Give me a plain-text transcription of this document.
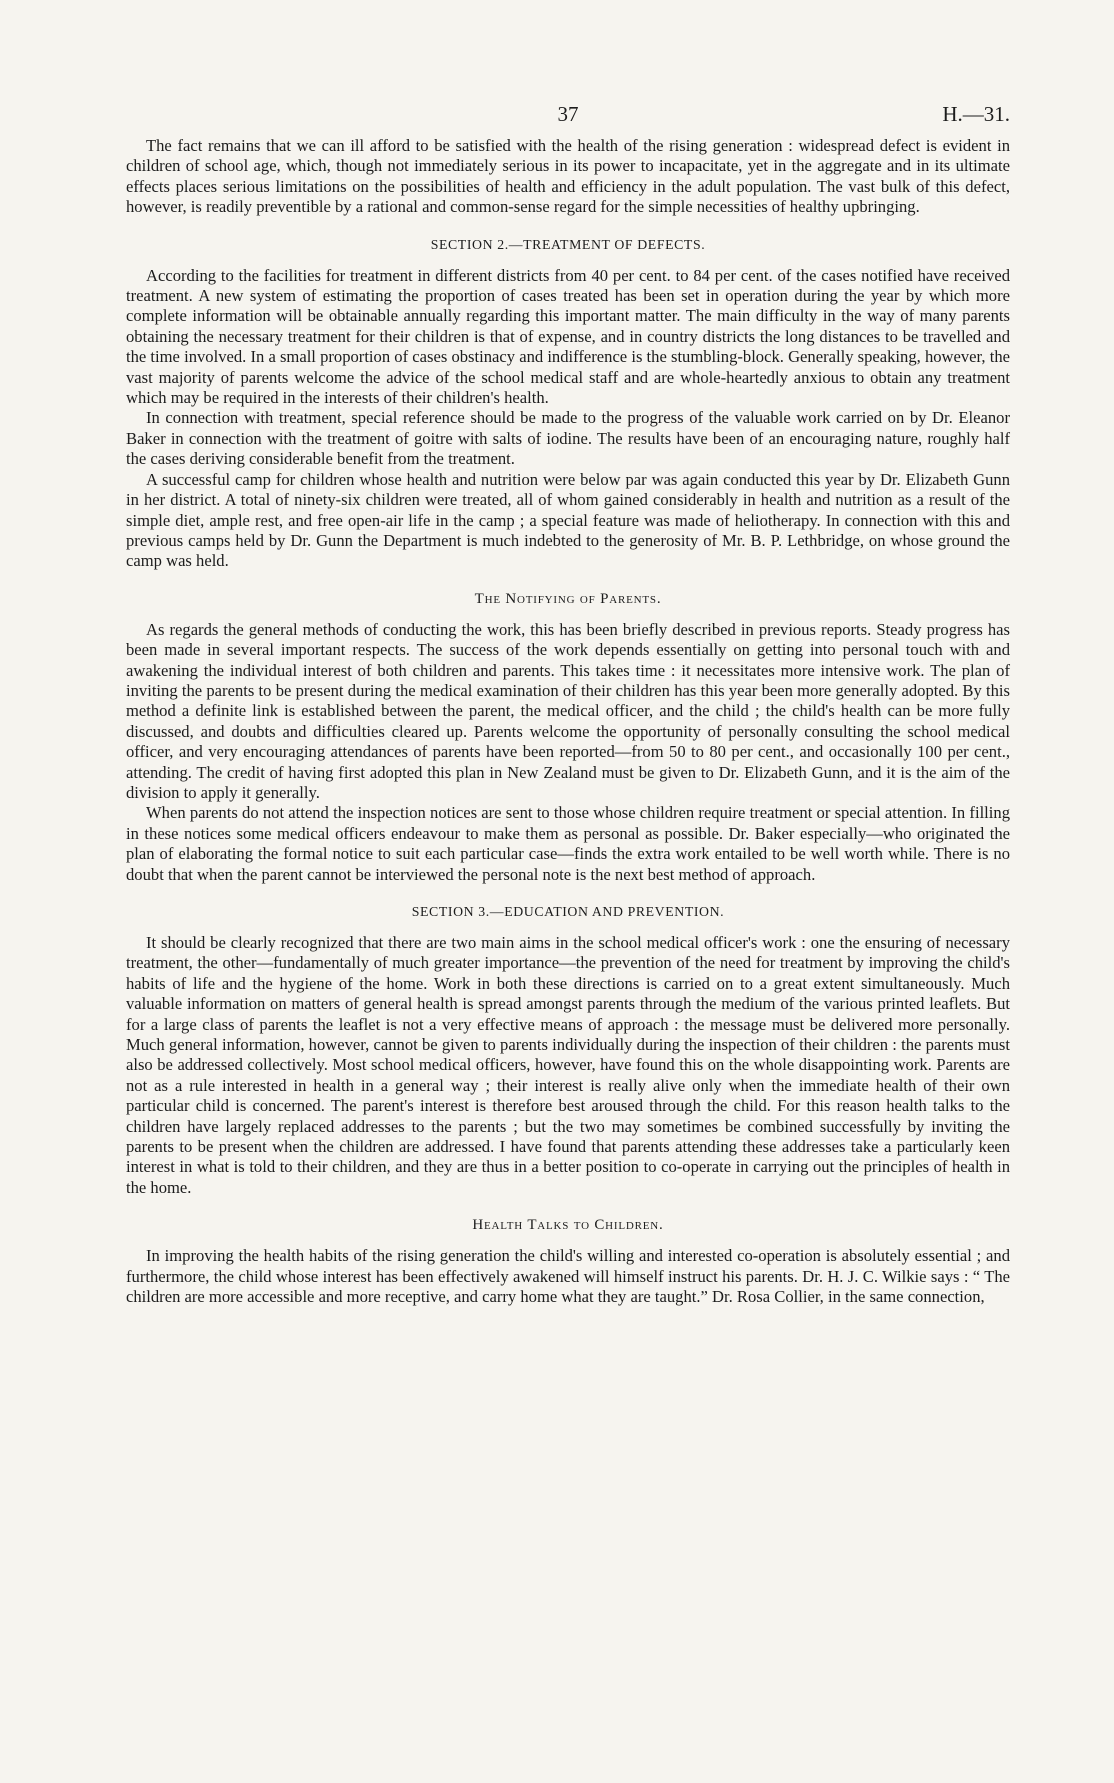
37	H.—31.

The fact remains that we can ill afford to be satisfied with the health of the rising generation : widespread defect is evident in children of school age, which, though not immediately serious in its power to incapacitate, yet in the aggregate and in its ultimate effects places serious limitations on the possibilities of health and efficiency in the adult population. The vast bulk of this defect, however, is readily preventible by a rational and common-sense regard for the simple necessities of healthy upbringing.

SECTION 2.—TREATMENT OF DEFECTS.

According to the facilities for treatment in different districts from 40 per cent. to 84 per cent. of the cases notified have received treatment. A new system of estimating the proportion of cases treated has been set in operation during the year by which more complete information will be obtainable annually regarding this important matter. The main difficulty in the way of many parents obtaining the necessary treatment for their children is that of expense, and in country districts the long distances to be travelled and the time involved. In a small proportion of cases obstinacy and indifference is the stumbling-block. Generally speaking, however, the vast majority of parents welcome the advice of the school medical staff and are whole-heartedly anxious to obtain any treatment which may be required in the interests of their children's health.

In connection with treatment, special reference should be made to the progress of the valuable work carried on by Dr. Eleanor Baker in connection with the treatment of goitre with salts of iodine. The results have been of an encouraging nature, roughly half the cases deriving considerable benefit from the treatment.

A successful camp for children whose health and nutrition were below par was again conducted this year by Dr. Elizabeth Gunn in her district. A total of ninety-six children were treated, all of whom gained considerably in health and nutrition as a result of the simple diet, ample rest, and free open-air life in the camp ; a special feature was made of heliotherapy. In connection with this and previous camps held by Dr. Gunn the Department is much indebted to the generosity of Mr. B. P. Lethbridge, on whose ground the camp was held.

The Notifying of Parents.

As regards the general methods of conducting the work, this has been briefly described in previous reports. Steady progress has been made in several important respects. The success of the work depends essentially on getting into personal touch with and awakening the individual interest of both children and parents. This takes time : it necessitates more intensive work. The plan of inviting the parents to be present during the medical examination of their children has this year been more generally adopted. By this method a definite link is established between the parent, the medical officer, and the child ; the child's health can be more fully discussed, and doubts and difficulties cleared up. Parents welcome the opportunity of personally consulting the school medical officer, and very encouraging attendances of parents have been reported—from 50 to 80 per cent., and occasionally 100 per cent., attending. The credit of having first adopted this plan in New Zealand must be given to Dr. Elizabeth Gunn, and it is the aim of the division to apply it generally.

When parents do not attend the inspection notices are sent to those whose children require treatment or special attention. In filling in these notices some medical officers endeavour to make them as personal as possible. Dr. Baker especially—who originated the plan of elaborating the formal notice to suit each particular case—finds the extra work entailed to be well worth while. There is no doubt that when the parent cannot be interviewed the personal note is the next best method of approach.

SECTION 3.—EDUCATION AND PREVENTION.

It should be clearly recognized that there are two main aims in the school medical officer's work : one the ensuring of necessary treatment, the other—fundamentally of much greater importance—the prevention of the need for treatment by improving the child's habits of life and the hygiene of the home. Work in both these directions is carried on to a great extent simultaneously. Much valuable information on matters of general health is spread amongst parents through the medium of the various printed leaflets. But for a large class of parents the leaflet is not a very effective means of approach : the message must be delivered more personally. Much general information, however, cannot be given to parents individually during the inspection of their children : the parents must also be addressed collectively. Most school medical officers, however, have found this on the whole disappointing work. Parents are not as a rule interested in health in a general way ; their interest is really alive only when the immediate health of their own particular child is concerned. The parent's interest is therefore best aroused through the child. For this reason health talks to the children have largely replaced addresses to the parents ; but the two may sometimes be combined successfully by inviting the parents to be present when the children are addressed. I have found that parents attending these addresses take a particularly keen interest in what is told to their children, and they are thus in a better position to co-operate in carrying out the principles of health in the home.

Health Talks to Children.

In improving the health habits of the rising generation the child's willing and interested co-operation is absolutely essential ; and furthermore, the child whose interest has been effectively awakened will himself instruct his parents. Dr. H. J. C. Wilkie says : “ The children are more accessible and more receptive, and carry home what they are taught.” Dr. Rosa Collier, in the same connection,
